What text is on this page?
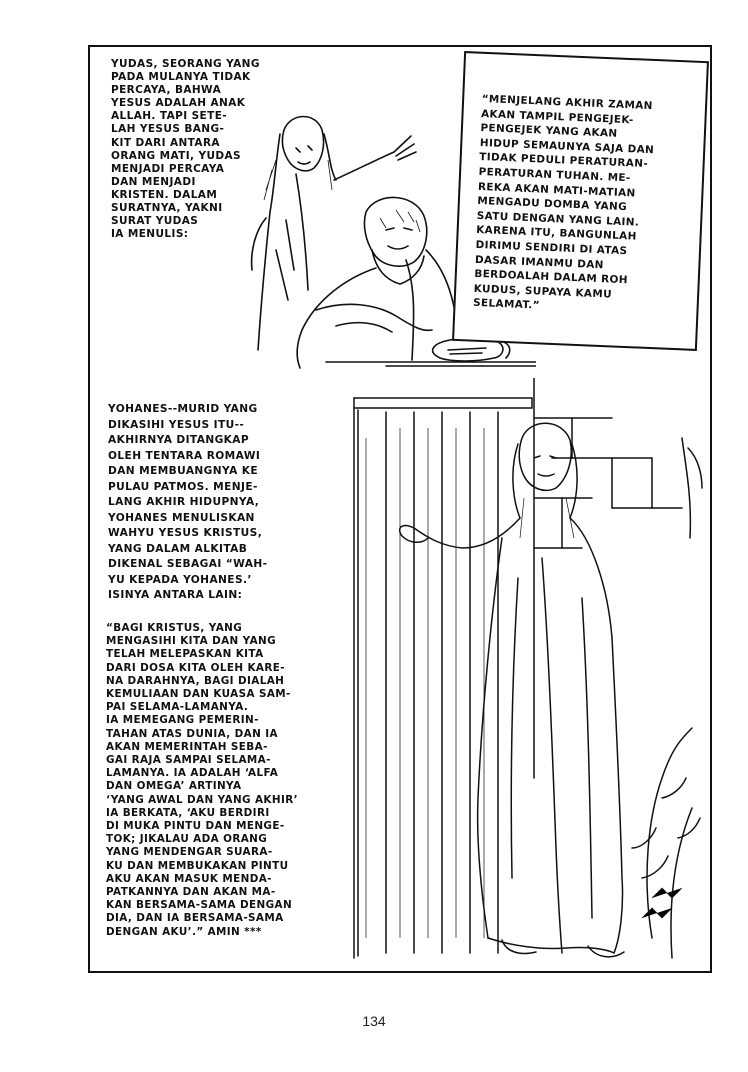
YUDAS, SEORANG YANG
PADA MULANYA TIDAK
PERCAYA, BAHWA
YESUS ADALAH ANAK
ALLAH. TAPI SETE-
LAH YESUS BANG-
KIT DARI ANTARA
ORANG MATI, YUDAS
MENJADI PERCAYA
DAN MENJADI
KRISTEN. DALAM
SURATNYA, YAKNI
SURAT YUDAS
IA MENULIS:
“MENJELANG AKHIR ZAMAN
AKAN TAMPIL PENGEJEK-
PENGEJEK YANG AKAN
HIDUP SEMAUNYA SAJA DAN
TIDAK PEDULI PERATURAN-
PERATURAN TUHAN. ME-
REKA AKAN MATI-MATIAN
MENGADU DOMBA YANG
SATU DENGAN YANG LAIN.
KARENA ITU, BANGUNLAH
DIRIMU SENDIRI DI ATAS
DASAR IMANMU DAN
BERDOALAH DALAM ROH
KUDUS, SUPAYA KAMU
SELAMAT.”
YOHANES--MURID YANG
DIKASIHI YESUS ITU--
AKHIRNYA DITANGKAP
OLEH TENTARA ROMAWI
DAN MEMBUANGNYA KE
PULAU PATMOS. MENJE-
LANG AKHIR HIDUPNYA,
YOHANES MENULISKAN
WAHYU YESUS KRISTUS,
YANG DALAM ALKITAB
DIKENAL SEBAGAI “WAH-
YU KEPADA YOHANES.’
ISINYA ANTARA LAIN:
“BAGI KRISTUS, YANG
MENGASIHI KITA DAN YANG
TELAH MELEPASKAN KITA
DARI DOSA KITA OLEH KARE-
NA DARAHNYA, BAGI DIALAH
KEMULIAAN DAN KUASA SAM-
PAI SELAMA-LAMANYA.
IA MEMEGANG PEMERIN-
TAHAN ATAS DUNIA, DAN IA
AKAN MEMERINTAH SEBA-
GAI RAJA SAMPAI SELAMA-
LAMANYA. IA ADALAH ‘ALFA
DAN OMEGA’ ARTINYA
‘YANG AWAL DAN YANG AKHIR’
IA BERKATA, ‘AKU BERDIRI
DI MUKA PINTU DAN MENGE-
TOK; JIKALAU ADA ORANG
YANG MENDENGAR SUARA-
KU DAN MEMBUKAKAN PINTU
AKU AKAN MASUK MENDA-
PATKANNYA DAN AKAN MA-
KAN BERSAMA-SAMA DENGAN
DIA, DAN IA BERSAMA-SAMA
DENGAN AKU’.” AMIN ***
134
